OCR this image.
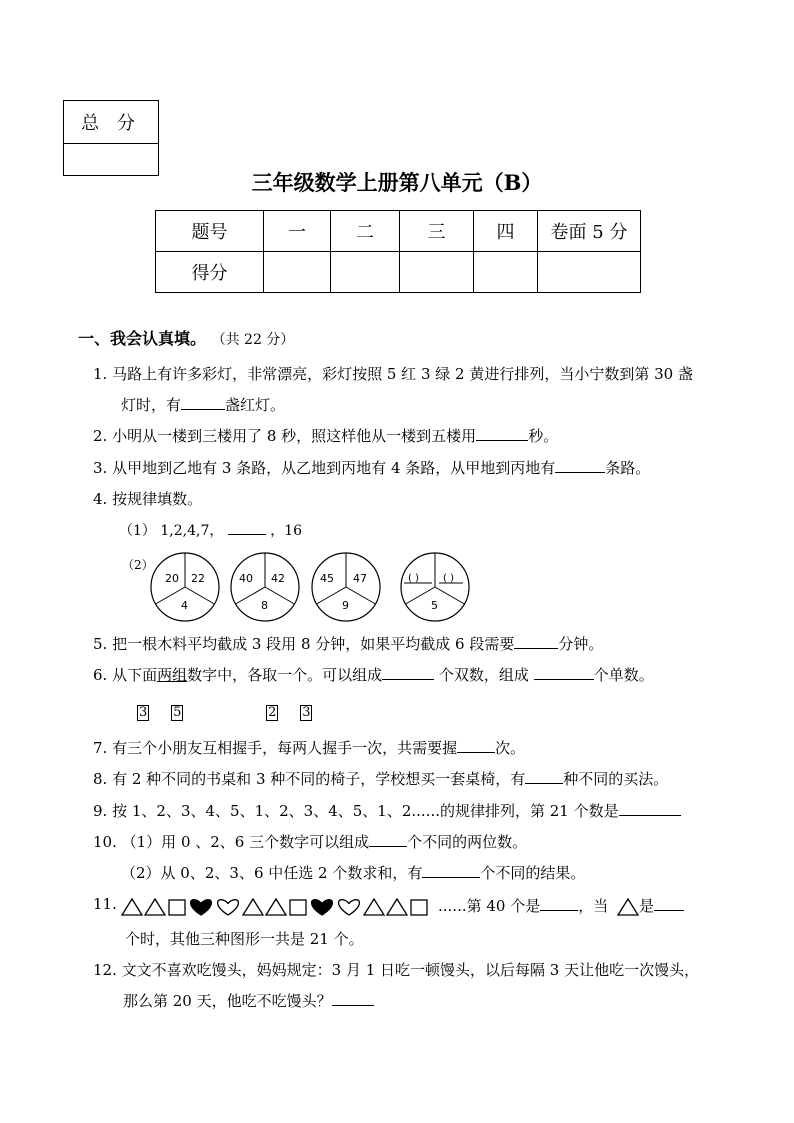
总 分
三年级数学上册第八单元（B）
题号	一	二	三	四	卷面 5 分
得分					
一、我会认真填。 （共 22 分）
1. 马路上有许多彩灯，非常漂亮，彩灯按照 5 红 3 绿 2 黄进行排列，当小宁数到第 30 盏
灯时，有	盏红灯。
2. 小明从一楼到三楼用了 8 秒，照这样他从一楼到五楼用	秒。
3. 从甲地到乙地有 3 条路，从乙地到丙地有 4 条路，从甲地到丙地有	条路。
4. 按规律填数。
（1） 1,2,4,7，	，16
（2）
20 22
4
40 42
8
45 47
9
( ) ( )
5
5. 把一根木料平均截成 3 段用 8 分钟，如果平均截成 6 段需要	分钟。
6. 从下面两组数字中，各取一个。可以组成	个双数，组成	个单数。
3 5	2 3
7. 有三个小朋友互相握手，每两人握手一次，共需要握	次。
8. 有 2 种不同的书桌和 3 种不同的椅子，学校想买一套桌椅，有	种不同的买法。
9. 按 1、2、3、4、5、1、2、3、4、5、1、2......的规律排列，第 21 个数是
10. （1）用 0 、2、6 三个数字可以组成	个不同的两位数。
（2）从 0、2、3、6 中任选 2 个数求和，有	个不同的结果。
11.	......第 40 个是	，当 是
个时，其他三种图形一共是 21 个。
12. 文文不喜欢吃馒头，妈妈规定：3 月 1 日吃一顿馒头，以后每隔 3 天让他吃一次馒头，
那么第 20 天，他吃不吃馒头？
